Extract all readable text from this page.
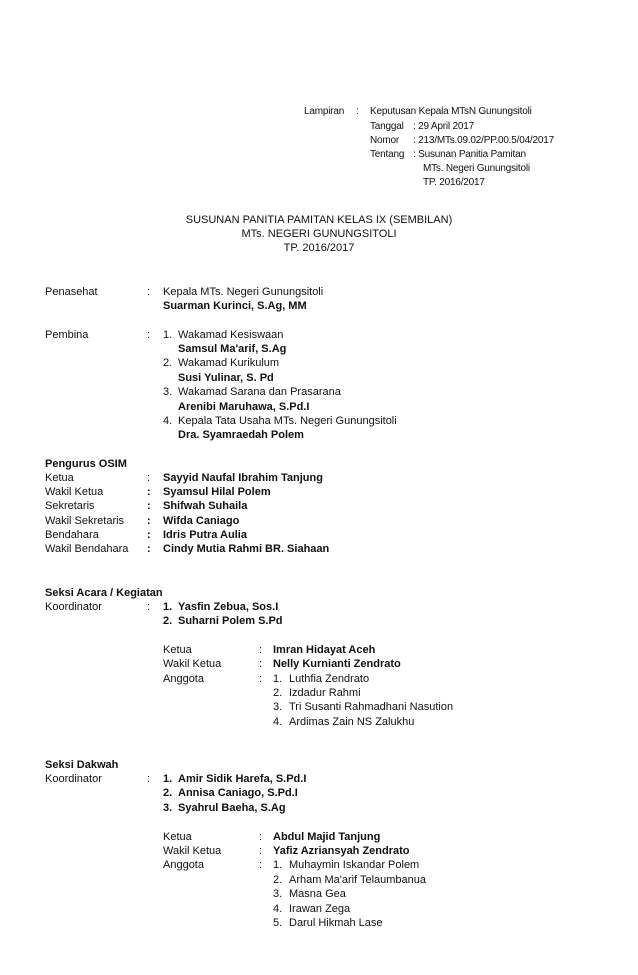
Lampiran : Keputusan Kepala MTsN Gunungsitoli
Tanggal : 29 April 2017
Nomor : 213/MTs.09.02/PP.00.5/04/2017
Tentang : Susunan Panitia Pamitan
MTs. Negeri Gunungsitoli
TP. 2016/2017
SUSUNAN PANITIA PAMITAN KELAS IX (SEMBILAN)
MTs. NEGERI GUNUNGSITOLI
TP. 2016/2017
Penasehat	: Kepala MTs. Negeri Gunungsitoli
Suarman Kurinci, S.Ag, MM
Pembina	: 1. Wakamad Kesiswaan
Samsul Ma'arif, S.Ag
2. Wakamad Kurikulum
Susi Yulinar, S. Pd
3. Wakamad Sarana dan Prasarana
Arenibi Maruhawa, S.Pd.I
4. Kepala Tata Usaha MTs. Negeri Gunungsitoli
Dra. Syamraedah Polem
Pengurus OSIM
Ketua	: Sayyid Naufal Ibrahim Tanjung
Wakil Ketua	: Syamsul Hilal Polem
Sekretaris	: Shifwah Suhaila
Wakil Sekretaris : Wifda Caniago
Bendahara	: Idris Putra Aulia
Wakil Bendahara : Cindy Mutia Rahmi BR. Siahaan
Seksi Acara / Kegiatan
Koordinator	: 1. Yasfin Zebua, Sos.I
2. Suharni Polem S.Pd
Ketua	: Imran Hidayat Aceh
Wakil Ketua	: Nelly Kurnianti Zendrato
Anggota	: 1. Luthfia Zendrato
2. Izdadur Rahmi
3. Tri Susanti Rahmadhani Nasution
4. Ardimas Zain NS Zalukhu
Seksi Dakwah
Koordinator	: 1. Amir Sidik Harefa, S.Pd.I
2. Annisa Caniago, S.Pd.I
3. Syahrul Baeha, S.Ag
Ketua	: Abdul Majid Tanjung
Wakil Ketua	: Yafiz Azriansyah Zendrato
Anggota	: 1. Muhaymin Iskandar Polem
2. Arham Ma'arif Telaumbanua
3. Masna Gea
4. Irawan Zega
5. Darul Hikmah Lase
